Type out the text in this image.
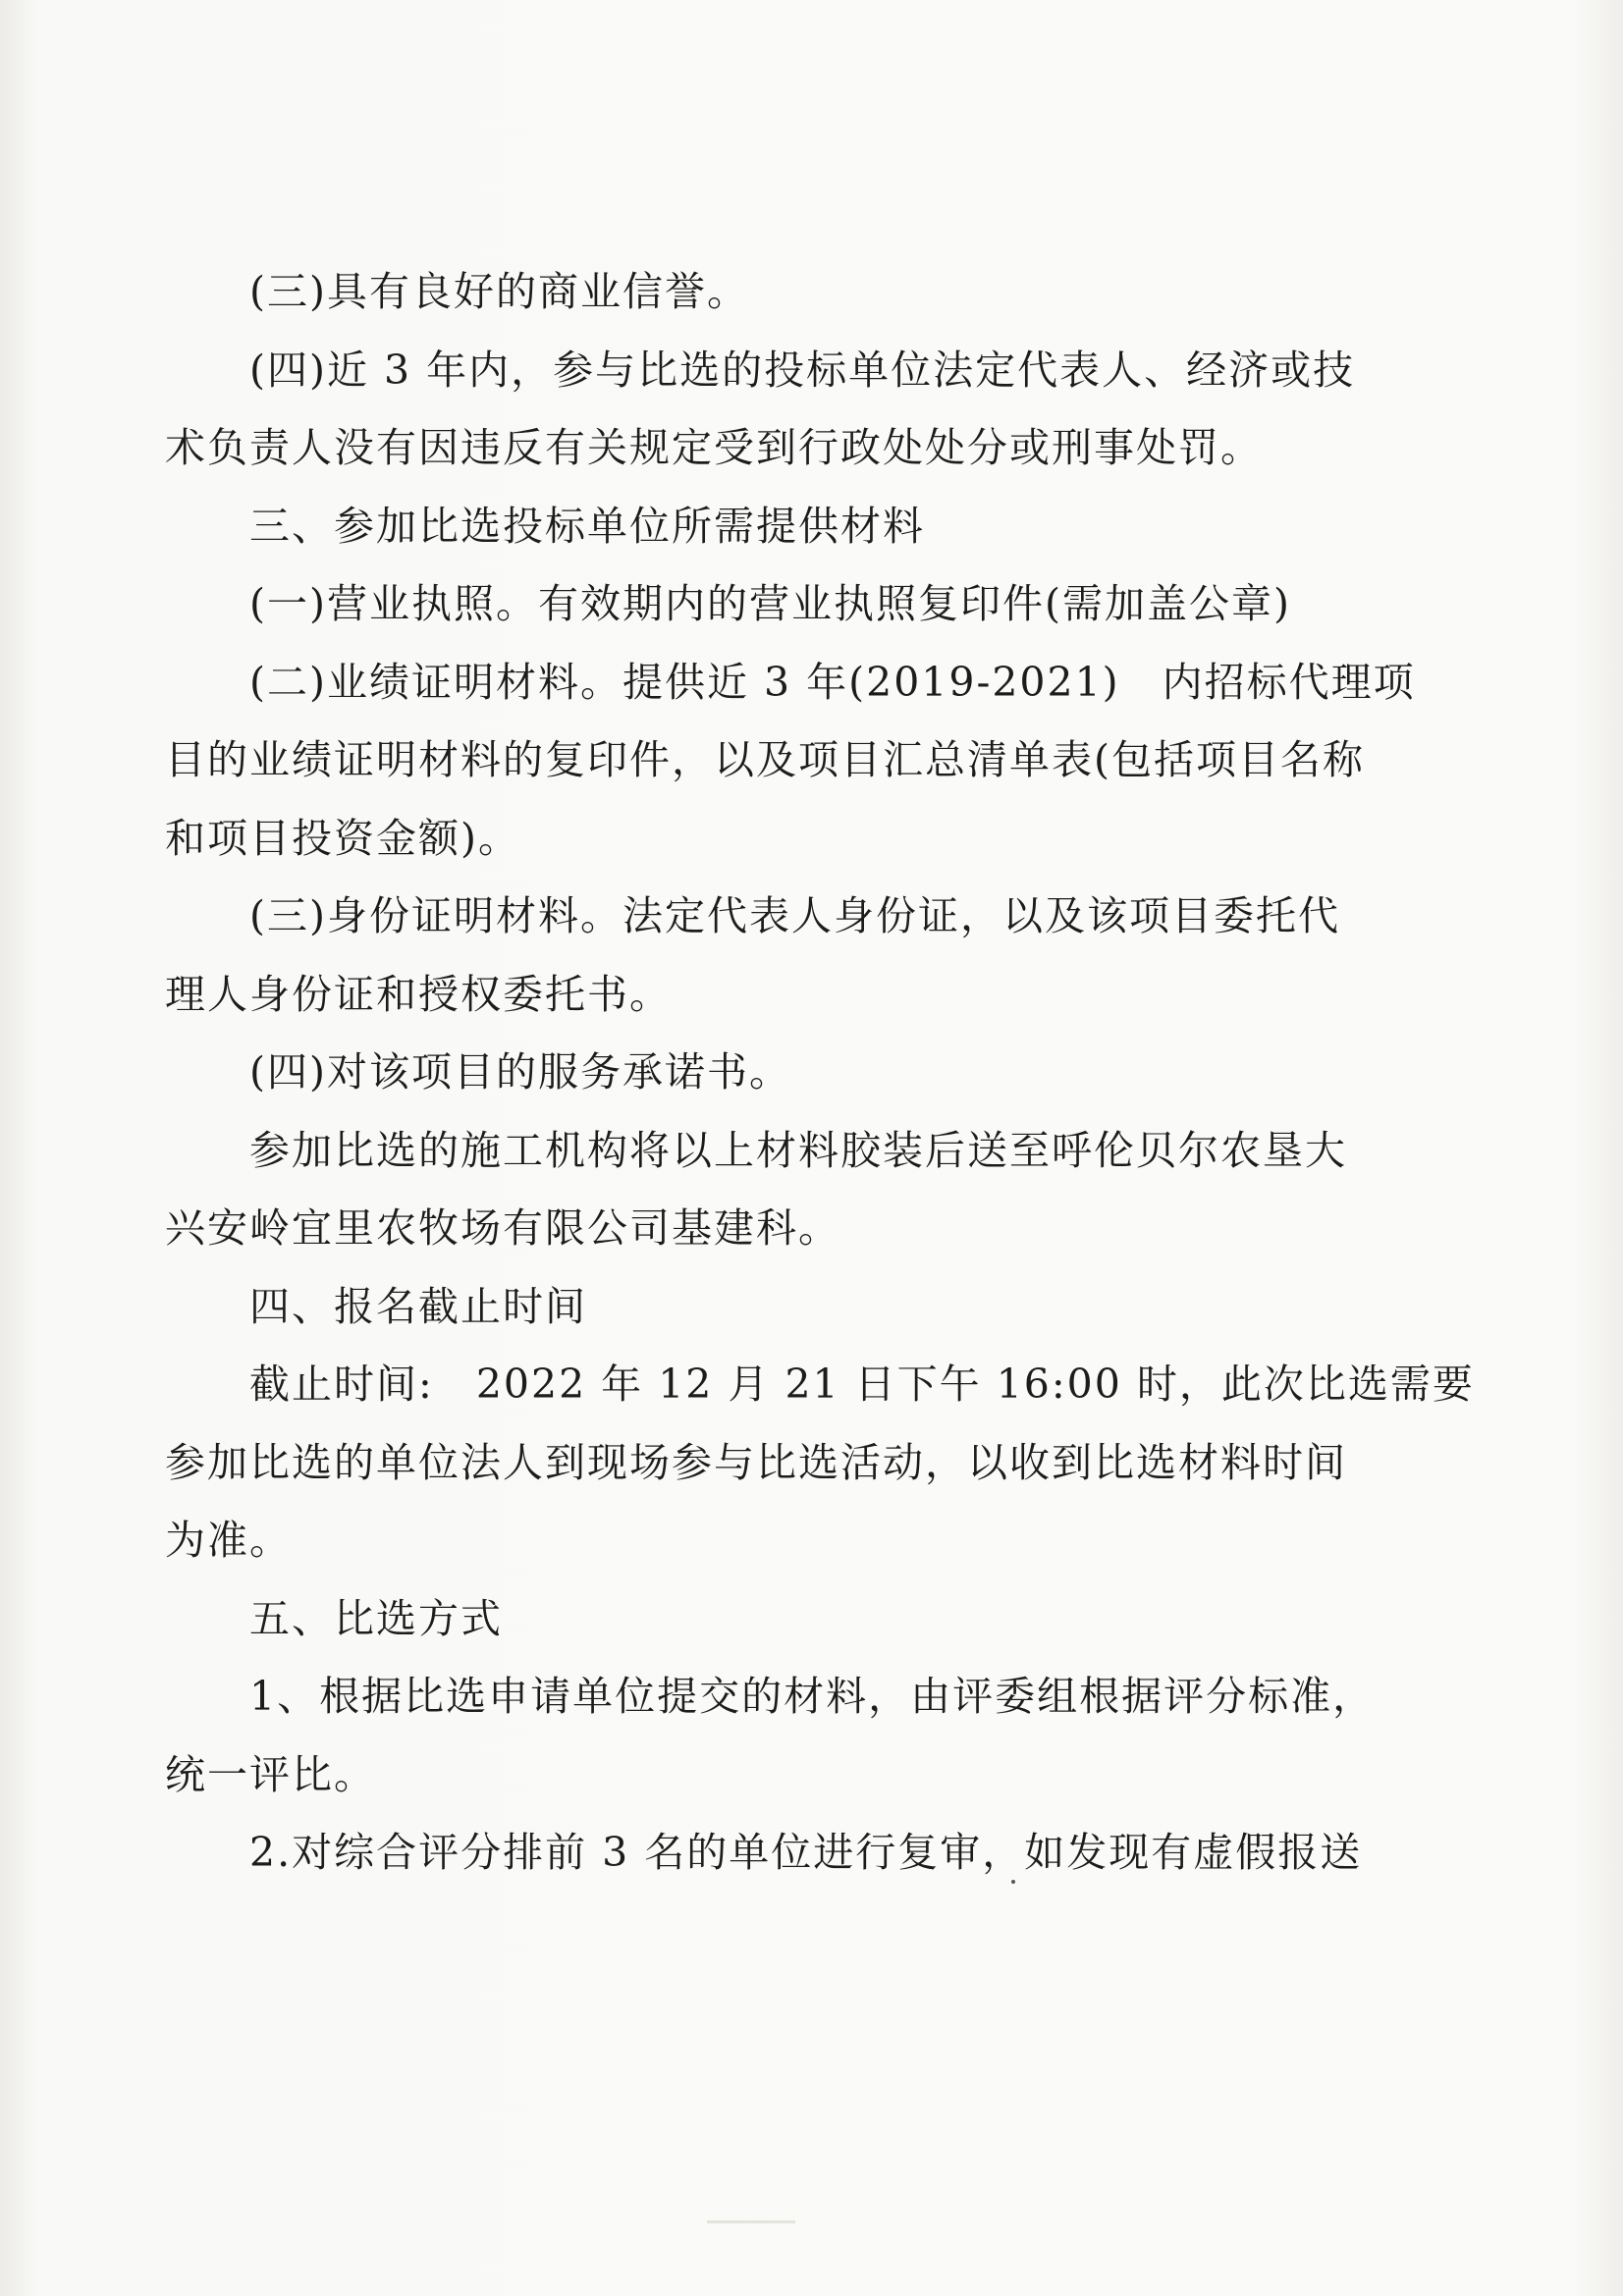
(三)具有良好的商业信誉。
(四)近 3 年内，参与比选的投标单位法定代表人、经济或技
术负责人没有因违反有关规定受到行政处处分或刑事处罚。
三、参加比选投标单位所需提供材料
(一)营业执照。有效期内的营业执照复印件(需加盖公章)
(二)业绩证明材料。提供近 3 年(2019-2021)　内招标代理项
目的业绩证明材料的复印件，以及项目汇总清单表(包括项目名称
和项目投资金额)。
(三)身份证明材料。法定代表人身份证，以及该项目委托代
理人身份证和授权委托书。
(四)对该项目的服务承诺书。
参加比选的施工机构将以上材料胶装后送至呼伦贝尔农垦大
兴安岭宜里农牧场有限公司基建科。
四、报名截止时间
截止时间:　2022 年 12 月 21 日下午 16:00 时，此次比选需要
参加比选的单位法人到现场参与比选活动，以收到比选材料时间
为准。
五、比选方式
1、根据比选申请单位提交的材料，由评委组根据评分标准，
统一评比。
2.对综合评分排前 3 名的单位进行复审，如发现有虚假报送
